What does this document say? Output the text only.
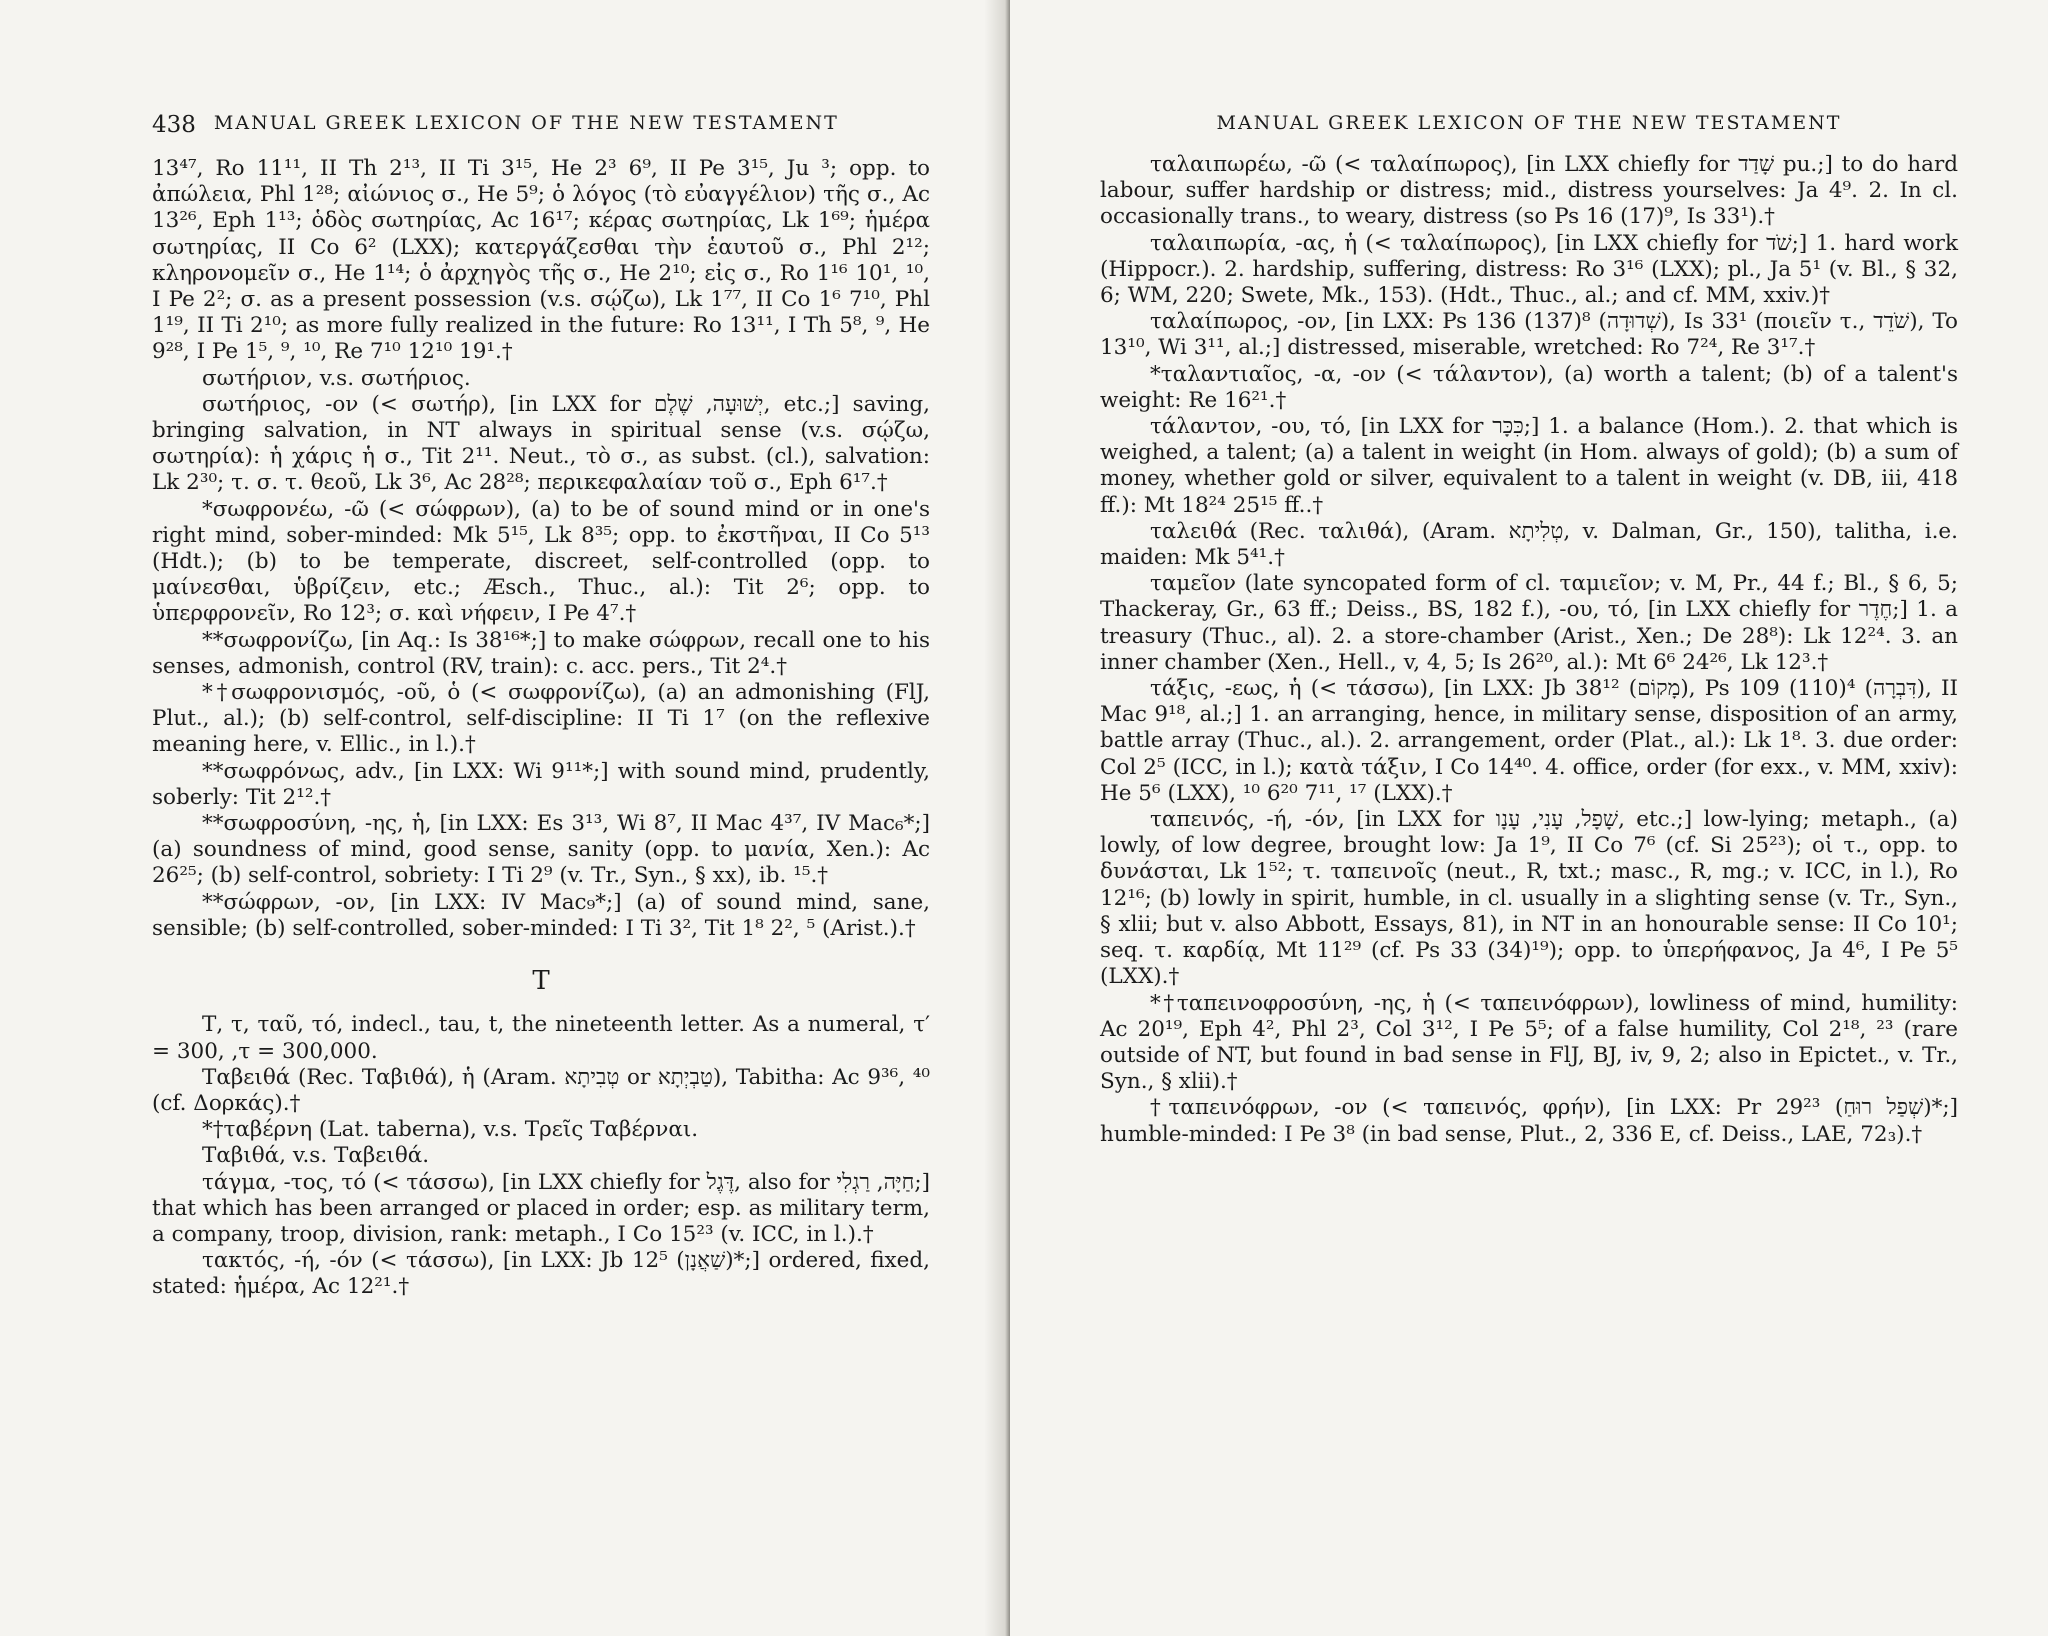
438 MANUAL GREEK LEXICON OF THE NEW TESTAMENT

13⁴⁷, Ro 11¹¹, II Th 2¹³, II Ti 3¹⁵, He 2³ 6⁹, II Pe 3¹⁵, Ju ³; opp. to ἀπώλεια, Phl 1²⁸; αἰώνιος σ., He 5⁹; ὁ λόγος (τὸ εὐαγγέλιον) τῆς σ., Ac 13²⁶, Eph 1¹³; ὁδὸς σωτηρίας, Ac 16¹⁷; κέρας σωτηρίας, Lk 1⁶⁹; ἡμέρα σωτηρίας, II Co 6² (LXX); κατεργάζεσθαι τὴν ἑαυτοῦ σ., Phl 2¹²; κληρονομεῖν σ., He 1¹⁴; ὁ ἀρχηγὸς τῆς σ., He 2¹⁰; εἰς σ., Ro 1¹⁶ 10¹, ¹⁰, I Pe 2²; σ. as a present possession (v.s. σῴζω), Lk 1⁷⁷, II Co 1⁶ 7¹⁰, Phl 1¹⁹, II Ti 2¹⁰; as more fully realized in the future: Ro 13¹¹, I Th 5⁸, ⁹, He 9²⁸, I Pe 1⁵, ⁹, ¹⁰, Re 7¹⁰ 12¹⁰ 19¹.†

σωτήριον, v.s. σωτήριος.

σωτήριος, -ον (< σωτήρ), [in LXX for יְשׁוּעָה, שֶׁלֶם, etc.;] saving, bringing salvation, in NT always in spiritual sense (v.s. σῴζω, σωτηρία): ἡ χάρις ἡ σ., Tit 2¹¹. Neut., τὸ σ., as subst. (cl.), salvation: Lk 2³⁰; τ. σ. τ. θεοῦ, Lk 3⁶, Ac 28²⁸; περικεφαλαίαν τοῦ σ., Eph 6¹⁷.†

*σωφρονέω, -ῶ (< σώφρων), (a) to be of sound mind or in one's right mind, sober-minded: Mk 5¹⁵, Lk 8³⁵; opp. to ἐκστῆναι, II Co 5¹³ (Hdt.); (b) to be temperate, discreet, self-controlled (opp. to μαίνεσθαι, ὑβρίζειν, etc.; Æsch., Thuc., al.): Tit 2⁶; opp. to ὑπερφρονεῖν, Ro 12³; σ. καὶ νήφειν, I Pe 4⁷.†

**σωφρονίζω, [in Aq.: Is 38¹⁶*;] to make σώφρων, recall one to his senses, admonish, control (RV, train): c. acc. pers., Tit 2⁴.†

*†σωφρονισμός, -οῦ, ὁ (< σωφρονίζω), (a) an admonishing (FlJ, Plut., al.); (b) self-control, self-discipline: II Ti 1⁷ (on the reflexive meaning here, v. Ellic., in l.).†

**σωφρόνως, adv., [in LXX: Wi 9¹¹*;] with sound mind, prudently, soberly: Tit 2¹².†

**σωφροσύνη, -ης, ἡ, [in LXX: Es 3¹³, Wi 8⁷, II Mac 4³⁷, IV Mac₆*;] (a) soundness of mind, good sense, sanity (opp. to μανία, Xen.): Ac 26²⁵; (b) self-control, sobriety: I Ti 2⁹ (v. Tr., Syn., § xx), ib. ¹⁵.†

**σώφρων, -ον, [in LXX: IV Mac₉*;] (a) of sound mind, sane, sensible; (b) self-controlled, sober-minded: I Ti 3², Tit 1⁸ 2², ⁵ (Arist.).†

T

Τ, τ, ταῦ, τό, indecl., tau, t, the nineteenth letter. As a numeral, τ′ = 300, ,τ = 300,000.

Ταβειθά (Rec. Ταβιθά), ἡ (Aram. טְבִיתָא or טַבְיְתָא), Tabitha: Ac 9³⁶, ⁴⁰ (cf. Δορκάς).†

*†ταβέρνη (Lat. taberna), v.s. Τρεῖς Ταβέρναι.

Ταβιθά, v.s. Ταβειθά.

τάγμα, -τος, τό (< τάσσω), [in LXX chiefly for דֶּגֶל, also for חַיָּה, רַגְלִי;] that which has been arranged or placed in order; esp. as military term, a company, troop, division, rank: metaph., I Co 15²³ (v. ICC, in l.).†

τακτός, -ή, -όν (< τάσσω), [in LXX: Jb 12⁵ (שַׁאֲנָן)*;] ordered, fixed, stated: ἡμέρα, Ac 12²¹.†

MANUAL GREEK LEXICON OF THE NEW TESTAMENT

ταλαιπωρέω, -ῶ (< ταλαίπωρος), [in LXX chiefly for שָׁדַד pu.;] to do hard labour, suffer hardship or distress; mid., distress yourselves: Ja 4⁹. 2. In cl. occasionally trans., to weary, distress (so Ps 16 (17)⁹, Is 33¹).†

ταλαιπωρία, -ας, ἡ (< ταλαίπωρος), [in LXX chiefly for שֹׁד;] 1. hard work (Hippocr.). 2. hardship, suffering, distress: Ro 3¹⁶ (LXX); pl., Ja 5¹ (v. Bl., § 32, 6; WM, 220; Swete, Mk., 153). (Hdt., Thuc., al.; and cf. MM, xxiv.)†

ταλαίπωρος, -ον, [in LXX: Ps 136 (137)⁸ (שְׁדוּדָה), Is 33¹ (ποιεῖν τ., שֹׁדֵד), To 13¹⁰, Wi 3¹¹, al.;] distressed, miserable, wretched: Ro 7²⁴, Re 3¹⁷.†

*ταλαντιαῖος, -α, -ον (< τάλαντον), (a) worth a talent; (b) of a talent's weight: Re 16²¹.†

τάλαντον, -ου, τό, [in LXX for כִּכָּר;] 1. a balance (Hom.). 2. that which is weighed, a talent; (a) a talent in weight (in Hom. always of gold); (b) a sum of money, whether gold or silver, equivalent to a talent in weight (v. DB, iii, 418 ff.): Mt 18²⁴ 25¹⁵ ff..†

ταλειθά (Rec. ταλιθά), (Aram. טְלִיתָא, v. Dalman, Gr., 150), talitha, i.e. maiden: Mk 5⁴¹.†

ταμεῖον (late syncopated form of cl. ταμιεῖον; v. M, Pr., 44 f.; Bl., § 6, 5; Thackeray, Gr., 63 ff.; Deiss., BS, 182 f.), -ου, τό, [in LXX chiefly for חֶדֶר;] 1. a treasury (Thuc., al). 2. a store-chamber (Arist., Xen.; De 28⁸): Lk 12²⁴. 3. an inner chamber (Xen., Hell., v, 4, 5; Is 26²⁰, al.): Mt 6⁶ 24²⁶, Lk 12³.†

τάξις, -εως, ἡ (< τάσσω), [in LXX: Jb 38¹² (מָקוֹם), Ps 109 (110)⁴ (דִּבְרָה), II Mac 9¹⁸, al.;] 1. an arranging, hence, in military sense, disposition of an army, battle array (Thuc., al.). 2. arrangement, order (Plat., al.): Lk 1⁸. 3. due order: Col 2⁵ (ICC, in l.); κατὰ τάξιν, I Co 14⁴⁰. 4. office, order (for exx., v. MM, xxiv): He 5⁶ (LXX), ¹⁰ 6²⁰ 7¹¹, ¹⁷ (LXX).†

ταπεινός, -ή, -όν, [in LXX for שָׁפָל, עָנִי, עָנָו, etc.;] low-lying; metaph., (a) lowly, of low degree, brought low: Ja 1⁹, II Co 7⁶ (cf. Si 25²³); οἱ τ., opp. to δυνάσται, Lk 1⁵²; τ. ταπεινοῖς (neut., R, txt.; masc., R, mg.; v. ICC, in l.), Ro 12¹⁶; (b) lowly in spirit, humble, in cl. usually in a slighting sense (v. Tr., Syn., § xlii; but v. also Abbott, Essays, 81), in NT in an honourable sense: II Co 10¹; seq. τ. καρδίᾳ, Mt 11²⁹ (cf. Ps 33 (34)¹⁹); opp. to ὑπερήφανος, Ja 4⁶, I Pe 5⁵ (LXX).†

*†ταπεινοφροσύνη, -ης, ἡ (< ταπεινόφρων), lowliness of mind, humility: Ac 20¹⁹, Eph 4², Phl 2³, Col 3¹², I Pe 5⁵; of a false humility, Col 2¹⁸, ²³ (rare outside of NT, but found in bad sense in FlJ, BJ, iv, 9, 2; also in Epictet., v. Tr., Syn., § xlii).†

†ταπεινόφρων, -ον (< ταπεινός, φρήν), [in LXX: Pr 29²³ (שְׁפַל רוּחַ)*;] humble-minded: I Pe 3⁸ (in bad sense, Plut., 2, 336 E, cf. Deiss., LAE, 72₃).†
